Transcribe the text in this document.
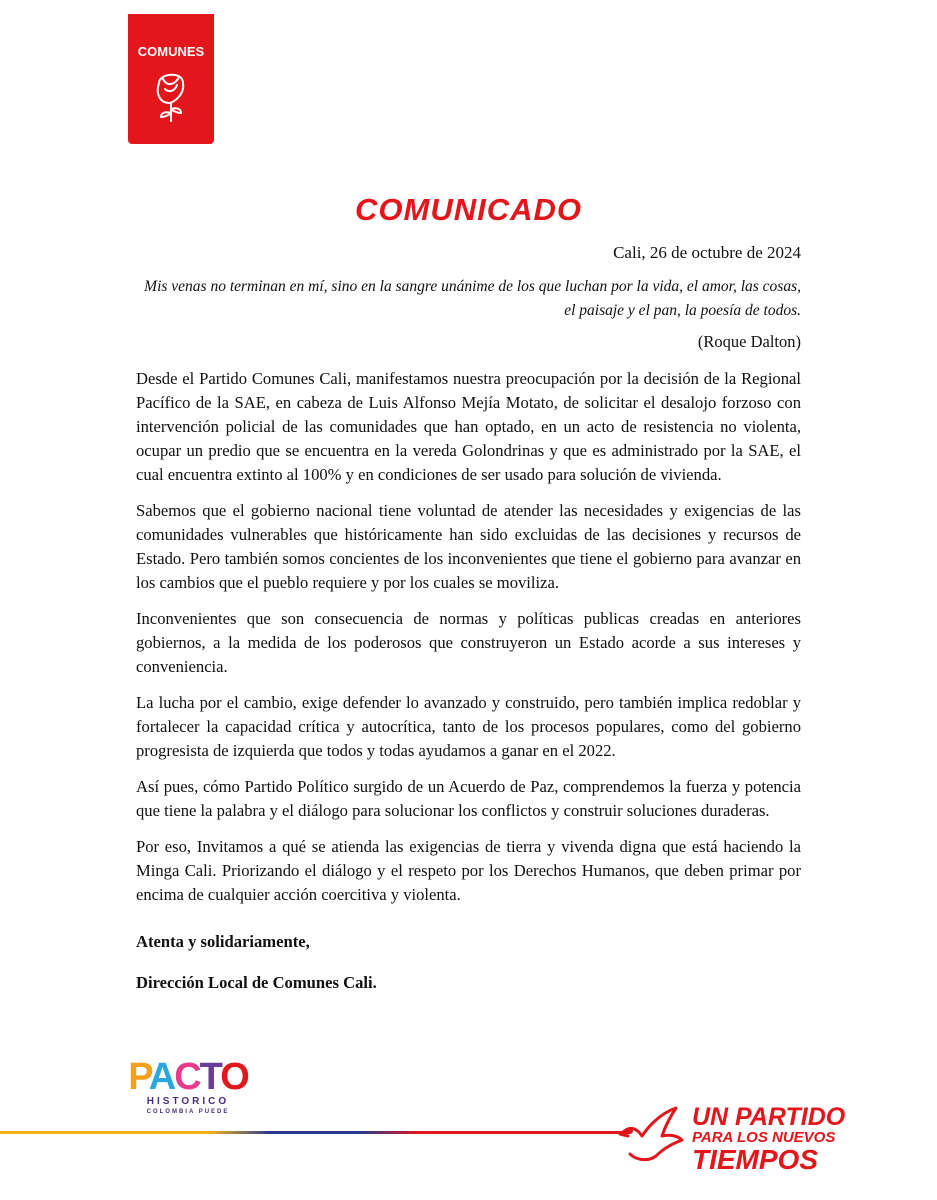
COMUNES
COMUNICADO
Cali, 26 de octubre de 2024
Mis venas no terminan en mí, sino en la sangre unánime de los que luchan por la vida, el amor, las cosas, el paisaje y el pan, la poesía de todos.
(Roque Dalton)

Desde el Partido Comunes Cali, manifestamos nuestra preocupación por la decisión de la Regional Pacífico de la SAE, en cabeza de Luis Alfonso Mejía Motato, de solicitar el desalojo forzoso con intervención policial de las comunidades que han optado, en un acto de resistencia no violenta, ocupar un predio que se encuentra en la vereda Golondrinas y que es administrado por la SAE, el cual encuentra extinto al 100% y en condiciones de ser usado para solución de vivienda.

Sabemos que el gobierno nacional tiene voluntad de atender las necesidades y exigencias de las comunidades vulnerables que históricamente han sido excluidas de las decisiones y recursos de Estado. Pero también somos concientes de los inconvenientes que tiene el gobierno para avanzar en los cambios que el pueblo requiere y por los cuales se moviliza.

Inconvenientes que son consecuencia de normas y políticas publicas creadas en anteriores gobiernos, a la medida de los poderosos que construyeron un Estado acorde a sus intereses y conveniencia.

La lucha por el cambio, exige defender lo avanzado y construido, pero también implica redoblar y fortalecer la capacidad crítica y autocrítica, tanto de los procesos populares, como del gobierno progresista de izquierda que todos y todas ayudamos a ganar en el 2022.

Así pues, cómo Partido Político surgido de un Acuerdo de Paz, comprendemos la fuerza y potencia que tiene la palabra y el diálogo para solucionar los conflictos y construir soluciones duraderas.

Por eso, Invitamos a qué se atienda las exigencias de tierra y vivenda digna que está haciendo la Minga Cali. Priorizando el diálogo y el respeto por los Derechos Humanos, que deben primar por encima de cualquier acción coercitiva y violenta.

Atenta y solidariamente,
Dirección Local de Comunes Cali.
PACTO
HISTORICO
COLOMBIA PUEDE	UN PARTIDO
PARA LOS NUEVOS
TIEMPOS
